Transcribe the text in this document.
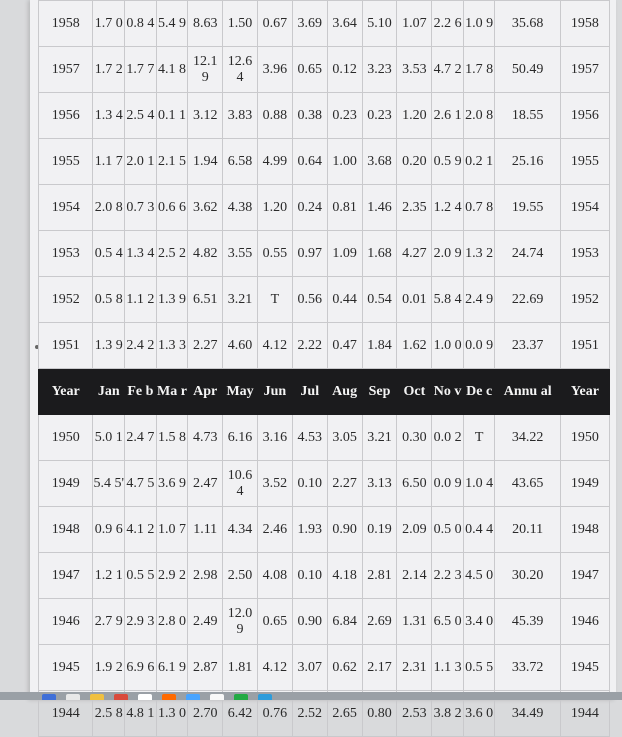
1958	1.7 0	0.8 4	5.4 9	8.63	1.50	0.67	3.69	3.64	5.10	1.07	2.2 6	1.0 9	35.68	1958
1957	1.7 2	1.7 7	4.1 8	12.1 9	12.6 4	3.96	0.65	0.12	3.23	3.53	4.7 2	1.7 8	50.49	1957
1956	1.3 4	2.5 4	0.1 1	3.12	3.83	0.88	0.38	0.23	0.23	1.20	2.6 1	2.0 8	18.55	1956
1955	1.1 7	2.0 1	2.1 5	1.94	6.58	4.99	0.64	1.00	3.68	0.20	0.5 9	0.2 1	25.16	1955
1954	2.0 8	0.7 3	0.6 6	3.62	4.38	1.20	0.24	0.81	1.46	2.35	1.2 4	0.7 8	19.55	1954
1953	0.5 4	1.3 4	2.5 2	4.82	3.55	0.55	0.97	1.09	1.68	4.27	2.0 9	1.3 2	24.74	1953
1952	0.5 8	1.1 2	1.3 9	6.51	3.21	T	0.56	0.44	0.54	0.01	5.8 4	2.4 9	22.69	1952
1951	1.3 9	2.4 2	1.3 3	2.27	4.60	4.12	2.22	0.47	1.84	1.62	1.0 0	0.0 9	23.37	1951
Year	Jan	Fe b	Ma r	Apr	May	Jun	Jul	Aug	Sep	Oct	No v	De c	Annu al	Year
1950	5.0 1	2.4 7	1.5 8	4.73	6.16	3.16	4.53	3.05	3.21	0.30	0.0 2	T	34.22	1950
1949	5.4 5'	4.7 5	3.6 9	2.47	10.6 4	3.52	0.10	2.27	3.13	6.50	0.0 9	1.0 4	43.65	1949
1948	0.9 6	4.1 2	1.0 7	1.11	4.34	2.46	1.93	0.90	0.19	2.09	0.5 0	0.4 4	20.11	1948
1947	1.2 1	0.5 5	2.9 2	2.98	2.50	4.08	0.10	4.18	2.81	2.14	2.2 3	4.5 0	30.20	1947
1946	2.7 9	2.9 3	2.8 0	2.49	12.0 9	0.65	0.90	6.84	2.69	1.31	6.5 0	3.4 0	45.39	1946
1945	1.9 2	6.9 6	6.1 9	2.87	1.81	4.12	3.07	0.62	2.17	2.31	1.1 3	0.5 5	33.72	1945
1944	2.5 8	4.8 1	1.3 0	2.70	6.42	0.76	2.52	2.65	0.80	2.53	3.8 2	3.6 0	34.49	1944
